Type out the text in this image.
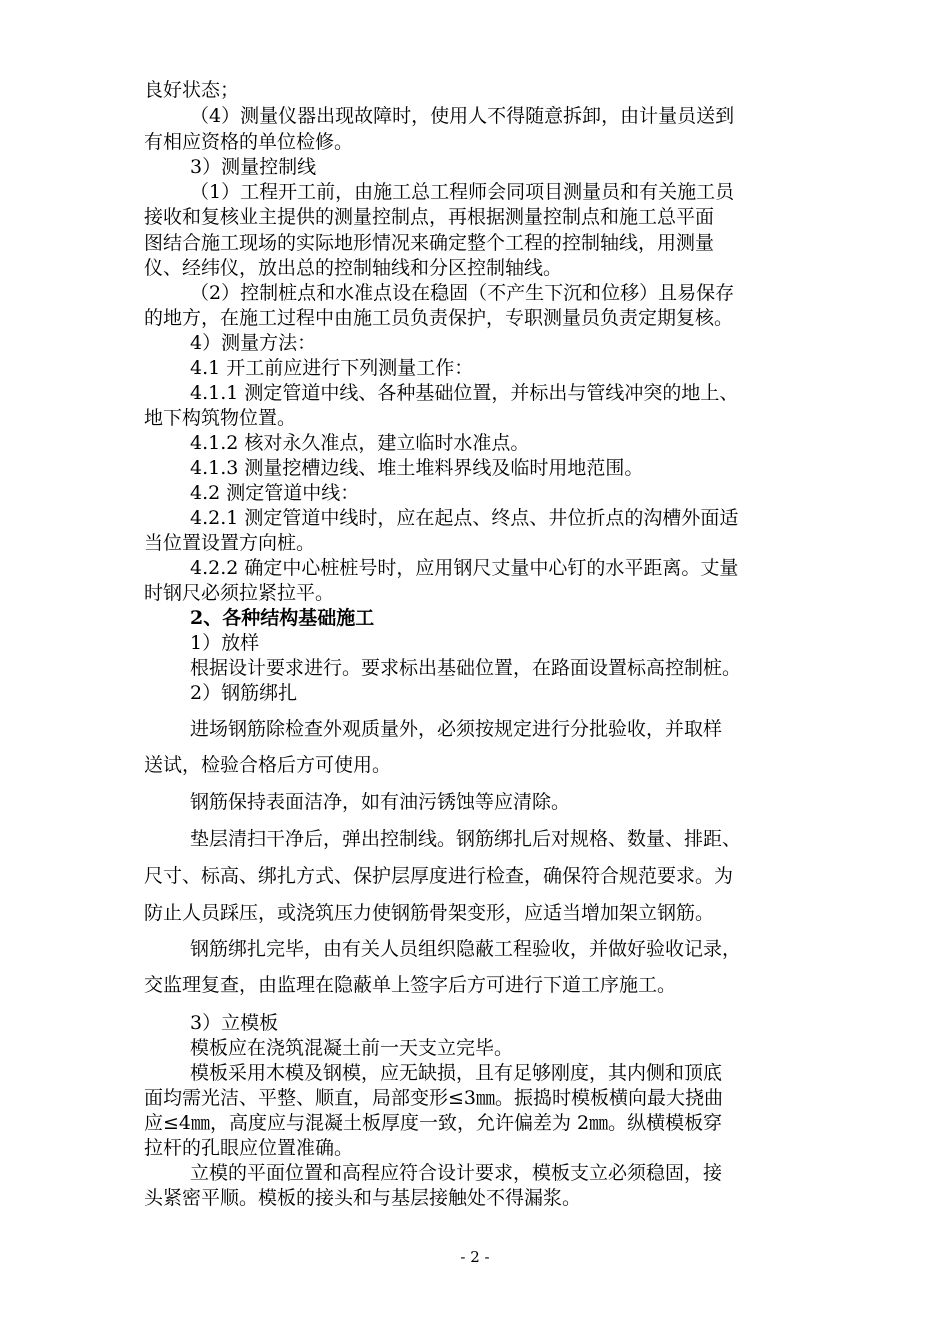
良好状态；
（4）测量仪器出现故障时，使用人不得随意拆卸，由计量员送到
有相应资格的单位检修。
3）测量控制线
（1）工程开工前，由施工总工程师会同项目测量员和有关施工员
接收和复核业主提供的测量控制点，再根据测量控制点和施工总平面
图结合施工现场的实际地形情况来确定整个工程的控制轴线，用测量
仪、经纬仪，放出总的控制轴线和分区控制轴线。
（2）控制桩点和水准点设在稳固（不产生下沉和位移）且易保存
的地方，在施工过程中由施工员负责保护，专职测量员负责定期复核。
4）测量方法：
4.1 开工前应进行下列测量工作：
4.1.1 测定管道中线、各种基础位置，并标出与管线冲突的地上、
地下构筑物位置。
4.1.2 核对永久准点，建立临时水准点。
4.1.3 测量挖槽边线、堆土堆料界线及临时用地范围。
4.2 测定管道中线：
4.2.1 测定管道中线时，应在起点、终点、井位折点的沟槽外面适
当位置设置方向桩。
4.2.2 确定中心桩桩号时，应用钢尺丈量中心钉的水平距离。丈量
时钢尺必须拉紧拉平。
2、各种结构基础施工
1）放样
根据设计要求进行。要求标出基础位置，在路面设置标高控制桩。
2）钢筋绑扎
进场钢筋除检查外观质量外，必须按规定进行分批验收，并取样
送试，检验合格后方可使用。
钢筋保持表面洁净，如有油污锈蚀等应清除。
垫层清扫干净后，弹出控制线。钢筋绑扎后对规格、数量、排距、
尺寸、标高、绑扎方式、保护层厚度进行检查，确保符合规范要求。为
防止人员踩压，或浇筑压力使钢筋骨架变形，应适当增加架立钢筋。
钢筋绑扎完毕，由有关人员组织隐蔽工程验收，并做好验收记录，
交监理复查，由监理在隐蔽单上签字后方可进行下道工序施工。
3）立模板
模板应在浇筑混凝土前一天支立完毕。
模板采用木模及钢模，应无缺损，且有足够刚度，其内侧和顶底
面均需光洁、平整、顺直，局部变形≤3㎜。振捣时模板横向最大挠曲
应≤4㎜，高度应与混凝土板厚度一致，允许偏差为 2㎜。纵横模板穿
拉杆的孔眼应位置准确。
立模的平面位置和高程应符合设计要求，模板支立必须稳固，接
头紧密平顺。模板的接头和与基层接触处不得漏浆。
- 2 -
